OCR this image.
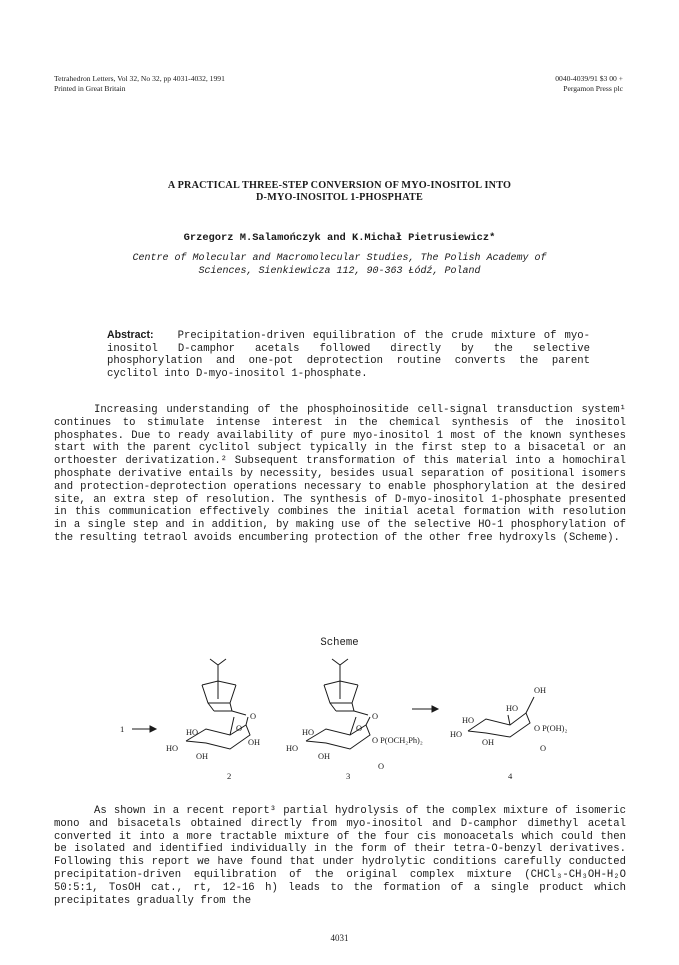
Tetrahedron Letters, Vol 32, No 32, pp 4031-4032, 1991
Printed in Great Britain
0040-4039/91 $3 00 +
Pergamon Press plc
A PRACTICAL THREE-STEP CONVERSION OF MYO-INOSITOL INTO
D-MYO-INOSITOL 1-PHOSPHATE
Grzegorz M.Salamończyk and K.Michał Pietrusiewicz*
Centre of Molecular and Macromolecular Studies, The Polish Academy of
Sciences, Sienkiewicza 112, 90-363 Łódź, Poland
Abstract: Precipitation-driven equilibration of the crude mixture of myo-inositol D-camphor acetals followed directly by the selective phosphorylation and one-pot deprotection routine converts the parent cyclitol into D-myo-inositol 1-phosphate.

Increasing understanding of the phosphoinositide cell-signal transduction system¹ continues to stimulate intense interest in the chemical synthesis of the inositol phosphates. Due to ready availability of pure myo-inositol 1 most of the known syntheses start with the parent cyclitol subject typically in the first step to a bisacetal or an orthoester derivatization.² Subsequent transformation of this material into a homochiral phosphate derivative entails by necessity, besides usual separation of positional isomers and protection-deprotection operations necessary to enable phosphorylation at the desired site, an extra step of resolution. The synthesis of D-myo-inositol 1-phosphate presented in this communication effectively combines the initial acetal formation with resolution in a single step and in addition, by making use of the selective HO-1 phosphorylation of the resulting tetraol avoids encumbering protection of the other free hydroxyls (Scheme).

Scheme
1
O
O
HO
HO
OH
OH
2
O
O
HO
HO
O P(OCH₂Ph)₂
OH
O
3
OH
HO
HO
HO
O P(OH)₂
OH
O
4

As shown in a recent report³ partial hydrolysis of the complex mixture of isomeric mono and bisacetals obtained directly from myo-inositol and D-camphor dimethyl acetal converted it into a more tractable mixture of the four cis monoacetals which could then be isolated and identified individually in the form of their tetra-O-benzyl derivatives. Following this report we have found that under hydrolytic conditions carefully conducted precipitation-driven equilibration of the original complex mixture (CHCl₃-CH₃OH-H₂O 50:5:1, TosOH cat., rt, 12-16 h) leads to the formation of a single product which precipitates gradually from the

4031
